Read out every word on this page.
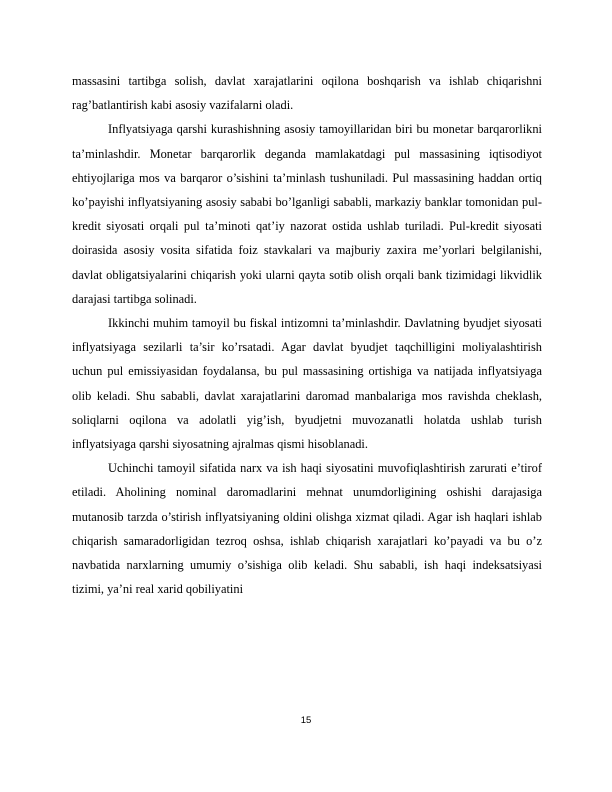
massasini tartibga solish, davlat xarajatlarini oqilona boshqarish va ishlab chiqarishni rag’batlantirish kabi asosiy vazifalarni oladi.

Inflyatsiyaga qarshi kurashishning asosiy tamoyillaridan biri bu monetar barqarorlikni ta’minlashdir. Monetar barqarorlik deganda mamlakatdagi pul massasining iqtisodiyot ehtiyojlariga mos va barqaror o’sishini ta’minlash tushuniladi. Pul massasining haddan ortiq ko’payishi inflyatsiyaning asosiy sababi bo’lganligi sababli, markaziy banklar tomonidan pul-kredit siyosati orqali pul ta’minoti qat’iy nazorat ostida ushlab turiladi. Pul-kredit siyosati doirasida asosiy vosita sifatida foiz stavkalari va majburiy zaxira me’yorlari belgilanishi, davlat obligatsiyalarini chiqarish yoki ularni qayta sotib olish orqali bank tizimidagi likvidlik darajasi tartibga solinadi.

Ikkinchi muhim tamoyil bu fiskal intizomni ta’minlashdir. Davlatning byudjet siyosati inflyatsiyaga sezilarli ta’sir ko’rsatadi. Agar davlat byudjet taqchilligini moliyalashtirish uchun pul emissiyasidan foydalansa, bu pul massasining ortishiga va natijada inflyatsiyaga olib keladi. Shu sababli, davlat xarajatlarini daromad manbalariga mos ravishda cheklash, soliqlarni oqilona va adolatli yig’ish, byudjetni muvozanatli holatda ushlab turish inflyatsiyaga qarshi siyosatning ajralmas qismi hisoblanadi.

Uchinchi tamoyil sifatida narx va ish haqi siyosatini muvofiqlashtirish zarurati e’tirof etiladi. Aholining nominal daromadlarini mehnat unumdorligining oshishi darajasiga mutanosib tarzda o’stirish inflyatsiyaning oldini olishga xizmat qiladi. Agar ish haqlari ishlab chiqarish samaradorligidan tezroq oshsa, ishlab chiqarish xarajatlari ko’payadi va bu o’z navbatida narxlarning umumiy o’sishiga olib keladi. Shu sababli, ish haqi indeksatsiyasi tizimi, ya’ni real xarid qobiliyatini

15
